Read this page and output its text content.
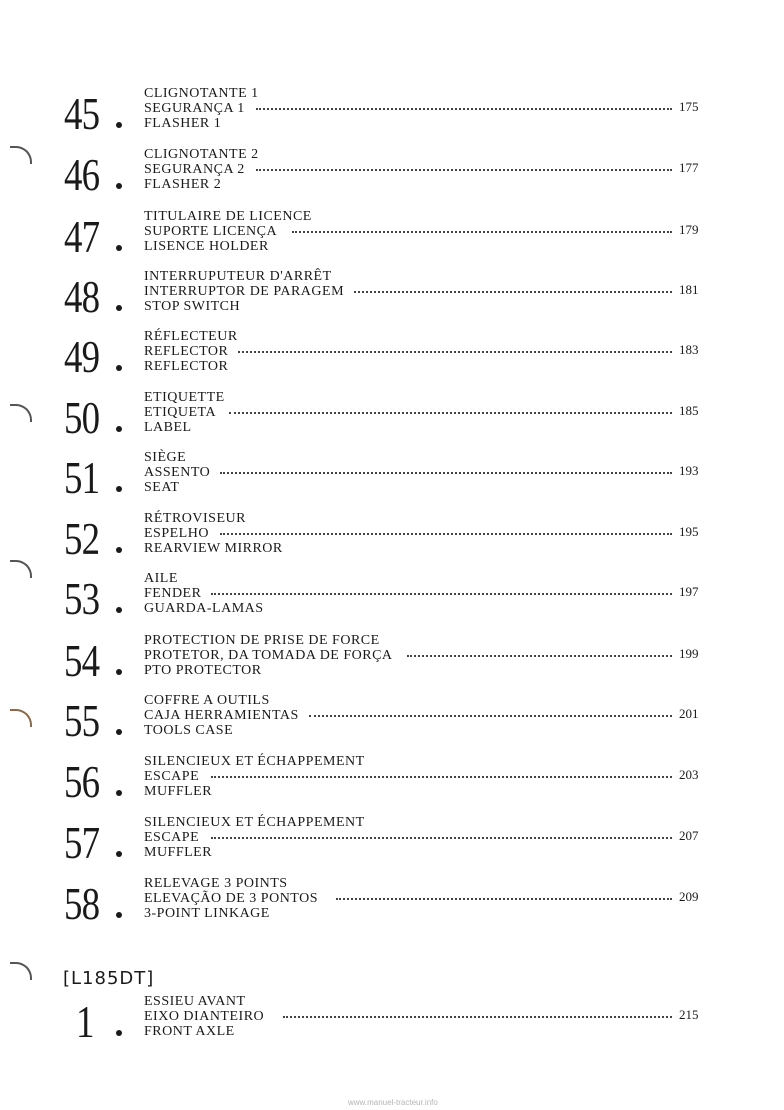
45	CLIGNOTANTE 1
SEGURANÇA 1
FLASHER 1
175
46	CLIGNOTANTE 2
SEGURANÇA 2
FLASHER 2
177
47	TITULAIRE DE LICENCE
SUPORTE LICENÇA
LISENCE HOLDER
179
48	INTERRUPUTEUR D'ARRÊT
INTERRUPTOR DE PARAGEM
STOP SWITCH
181
49	RÉFLECTEUR
REFLECTOR
REFLECTOR
183
50	ETIQUETTE
ETIQUETA
LABEL
185
51	SIÈGE
ASSENTO
SEAT
193
52	RÉTROVISEUR
ESPELHO
REARVIEW MIRROR
195
53	AILE
FENDER
GUARDA-LAMAS
197
54	PROTECTION DE PRISE DE FORCE
PROTETOR, DA TOMADA DE FORÇA
PTO PROTECTOR
199
55	COFFRE A OUTILS
CAJA HERRAMIENTAS
TOOLS CASE
201
56	SILENCIEUX ET ÉCHAPPEMENT
ESCAPE
MUFFLER
203
57	SILENCIEUX ET ÉCHAPPEMENT
ESCAPE
MUFFLER
207
58	RELEVAGE 3 POINTS
ELEVAÇÃO DE 3 PONTOS
3-POINT LINKAGE
209
[L185DT]
1	ESSIEU AVANT
EIXO DIANTEIRO
FRONT AXLE
215
www.manuel-tracteur.info
